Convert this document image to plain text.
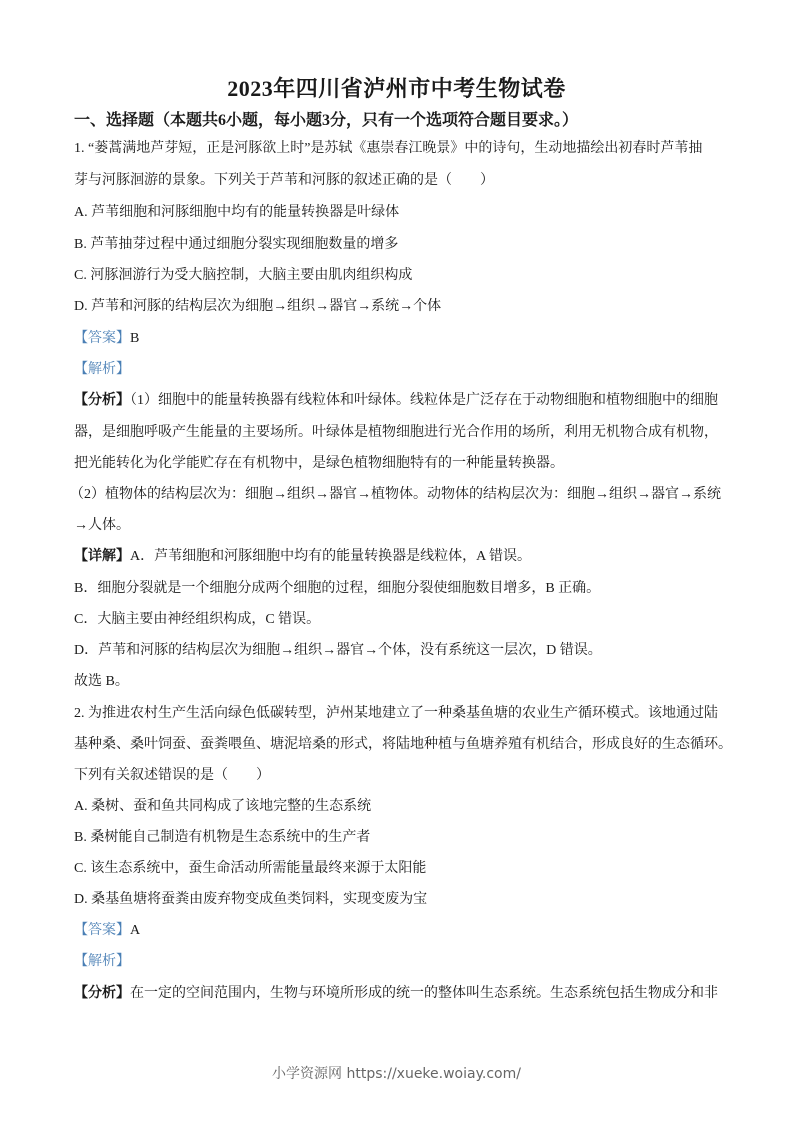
2023年四川省泸州市中考生物试卷
一、选择题（本题共6小题，每小题3分，只有一个选项符合题目要求。）
1. “蒌蒿满地芦芽短，正是河豚欲上时”是苏轼《惠崇春江晚景》中的诗句，生动地描绘出初春时芦苇抽
芽与河豚洄游的景象。下列关于芦苇和河豚的叙述正确的是（　　）
A. 芦苇细胞和河豚细胞中均有的能量转换器是叶绿体
B. 芦苇抽芽过程中通过细胞分裂实现细胞数量的增多
C. 河豚洄游行为受大脑控制，大脑主要由肌肉组织构成
D. 芦苇和河豚的结构层次为细胞→组织→器官→系统→个体
【答案】B
【解析】
【分析】（1）细胞中的能量转换器有线粒体和叶绿体。线粒体是广泛存在于动物细胞和植物细胞中的细胞
器，是细胞呼吸产生能量的主要场所。叶绿体是植物细胞进行光合作用的场所，利用无机物合成有机物，
把光能转化为化学能贮存在有机物中，是绿色植物细胞特有的一种能量转换器。
（2）植物体的结构层次为：细胞→组织→器官→植物体。动物体的结构层次为：细胞→组织→器官→系统
→人体。
【详解】A．芦苇细胞和河豚细胞中均有的能量转换器是线粒体，A 错误。
B．细胞分裂就是一个细胞分成两个细胞的过程，细胞分裂使细胞数目增多，B 正确。
C．大脑主要由神经组织构成，C 错误。
D．芦苇和河豚的结构层次为细胞→组织→器官→个体，没有系统这一层次，D 错误。
故选 B。
2. 为推进农村生产生活向绿色低碳转型，泸州某地建立了一种桑基鱼塘的农业生产循环模式。该地通过陆
基种桑、桑叶饲蚕、蚕粪喂鱼、塘泥培桑的形式，将陆地种植与鱼塘养殖有机结合，形成良好的生态循环。
下列有关叙述错误的是（　　）
A. 桑树、蚕和鱼共同构成了该地完整的生态系统
B. 桑树能自己制造有机物是生态系统中的生产者
C. 该生态系统中，蚕生命活动所需能量最终来源于太阳能
D. 桑基鱼塘将蚕粪由废弃物变成鱼类饲料，实现变废为宝
【答案】A
【解析】
【分析】在一定的空间范围内，生物与环境所形成的统一的整体叫生态系统。生态系统包括生物成分和非
小学资源网 https://xueke.woiay.com/
